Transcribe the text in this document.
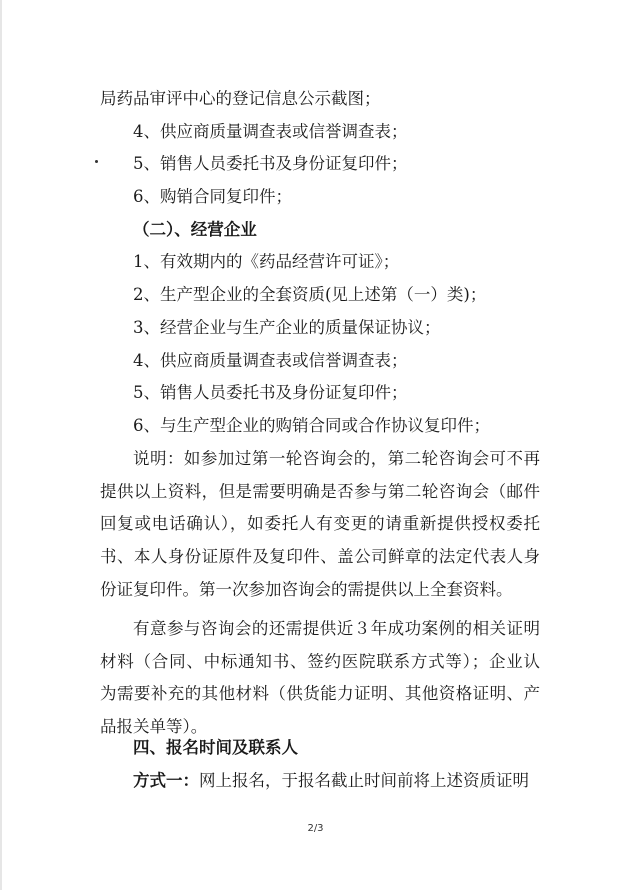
局药品审评中心的登记信息公示截图；
4、供应商质量调查表或信誉调查表；
5、销售人员委托书及身份证复印件；
6、购销合同复印件；
（二）、经营企业
1、有效期内的《药品经营许可证》；
2、生产型企业的全套资质(见上述第（一）类)；
3、经营企业与生产企业的质量保证协议；
4、供应商质量调查表或信誉调查表；
5、销售人员委托书及身份证复印件；
6、与生产型企业的购销合同或合作协议复印件；
说明：如参加过第一轮咨询会的，第二轮咨询会可不再
提供以上资料，但是需要明确是否参与第二轮咨询会（邮件
回复或电话确认），如委托人有变更的请重新提供授权委托
书、本人身份证原件及复印件、盖公司鲜章的法定代表人身
份证复印件。第一次参加咨询会的需提供以上全套资料。
有意参与咨询会的还需提供近３年成功案例的相关证明
材料（合同、中标通知书、签约医院联系方式等）；企业认
为需要补充的其他材料（供货能力证明、其他资格证明、产
品报关单等）。
四、报名时间及联系人
方式一：网上报名，于报名截止时间前将上述资质证明
2/3
